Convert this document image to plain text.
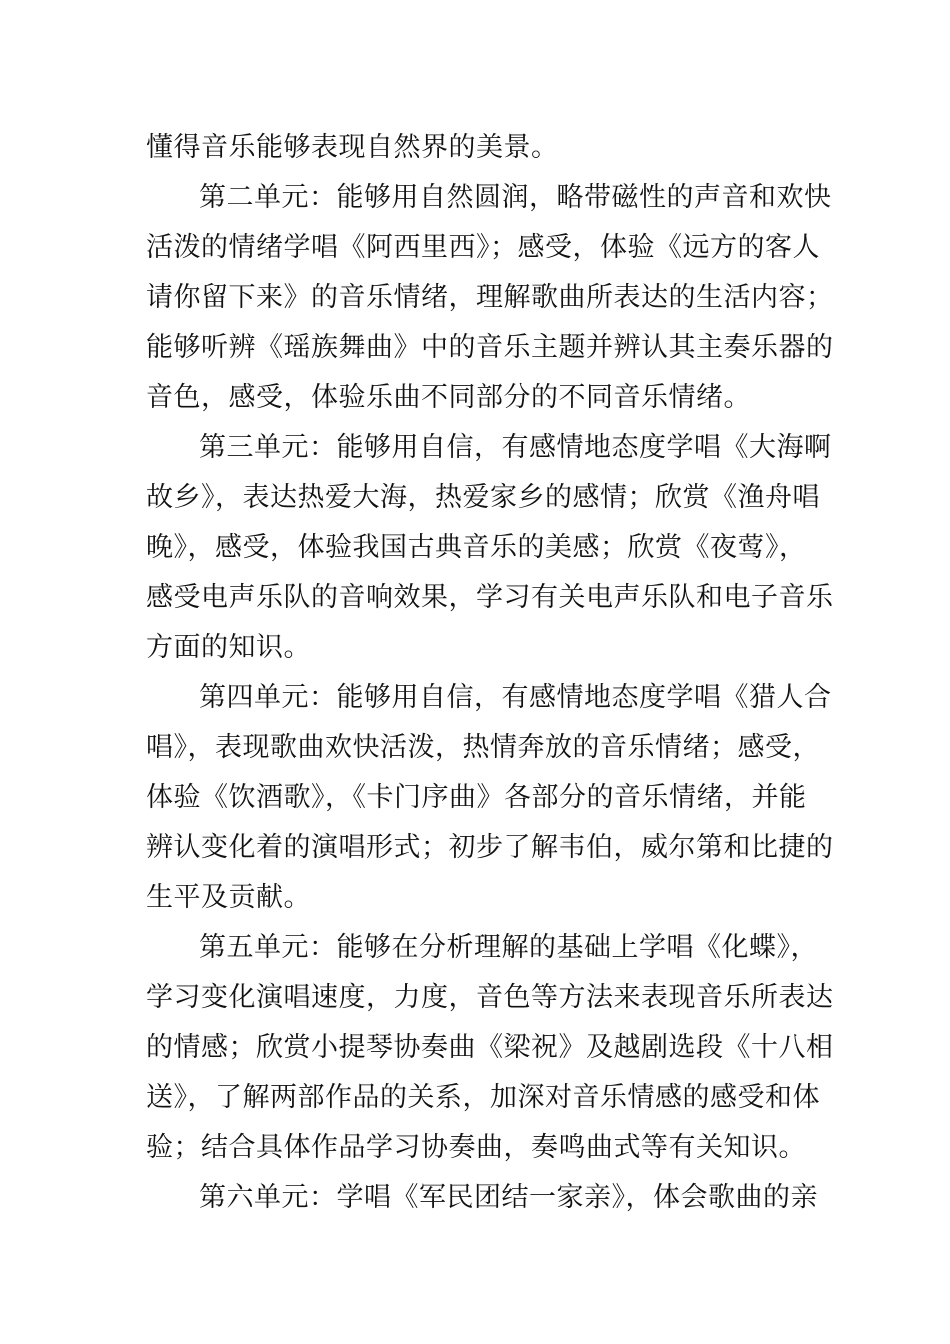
懂得音乐能够表现自然界的美景。
第二单元：能够用自然圆润，略带磁性的声音和欢快
活泼的情绪学唱《阿西里西》；感受，体验《远方的客人
请你留下来》的音乐情绪，理解歌曲所表达的生活内容；
能够听辨《瑶族舞曲》中的音乐主题并辨认其主奏乐器的
音色，感受，体验乐曲不同部分的不同音乐情绪。
第三单元：能够用自信，有感情地态度学唱《大海啊
故乡》，表达热爱大海，热爱家乡的感情；欣赏《渔舟唱
晚》，感受，体验我国古典音乐的美感；欣赏《夜莺》，
感受电声乐队的音响效果，学习有关电声乐队和电子音乐
方面的知识。
第四单元：能够用自信，有感情地态度学唱《猎人合
唱》，表现歌曲欢快活泼，热情奔放的音乐情绪；感受，
体验《饮酒歌》，《卡门序曲》各部分的音乐情绪，并能
辨认变化着的演唱形式；初步了解韦伯，威尔第和比捷的
生平及贡献。
第五单元：能够在分析理解的基础上学唱《化蝶》，
学习变化演唱速度，力度，音色等方法来表现音乐所表达
的情感；欣赏小提琴协奏曲《梁祝》及越剧选段《十八相
送》，了解两部作品的关系，加深对音乐情感的感受和体
验；结合具体作品学习协奏曲，奏鸣曲式等有关知识。
第六单元：学唱《军民团结一家亲》，体会歌曲的亲
